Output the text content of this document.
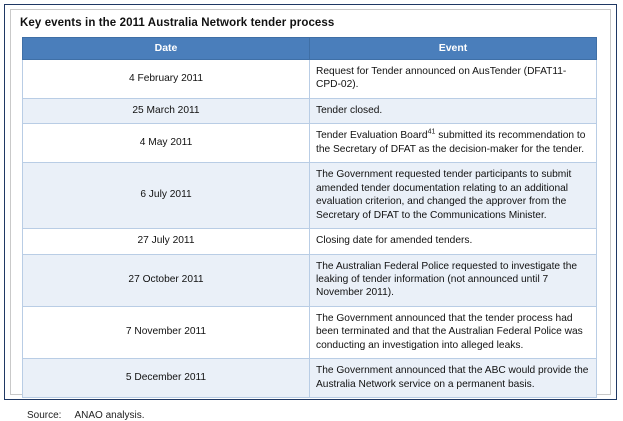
Key events in the 2011 Australia Network tender process
Date	Event
4 February 2011	Request for Tender announced on AusTender (DFAT11-CPD-02).
25 March 2011	Tender closed.
4 May 2011	Tender Evaluation Board$^{41}$ submitted its recommendation to the Secretary of DFAT as the decision-maker for the tender.
6 July 2011	The Government requested tender participants to submit amended tender documentation relating to an additional evaluation criterion, and changed the approver from the Secretary of DFAT to the Communications Minister.
27 July 2011	Closing date for amended tenders.
27 October 2011	The Australian Federal Police requested to investigate the leaking of tender information (not announced until 7 November 2011).
7 November 2011	The Government announced that the tender process had been terminated and that the Australian Federal Police was conducting an investigation into alleged leaks.
5 December 2011	The Government announced that the ABC would provide the Australia Network service on a permanent basis.
Source: ANAO analysis.
